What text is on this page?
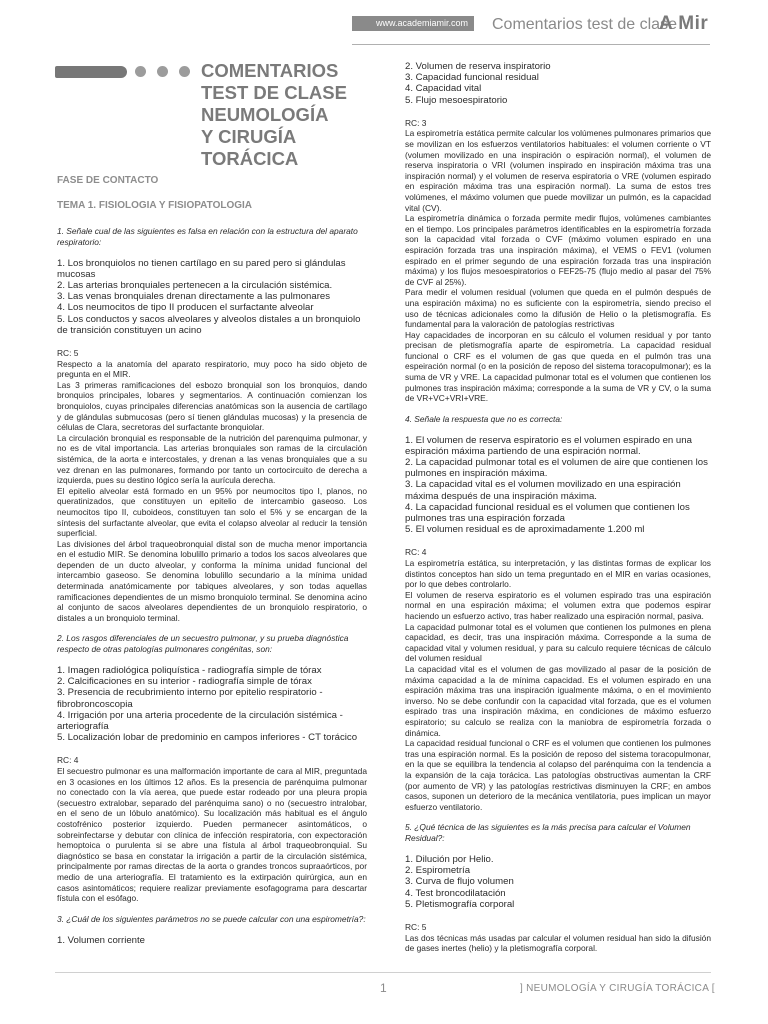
www.academiamir.com	Comentarios test de clase
A Mir
COMENTARIOS
TEST DE CLASE
NEUMOLOGÍA
Y CIRUGÍA
TORÁCICA

FASE DE CONTACTO

TEMA 1. FISIOLOGIA Y FISIOPATOLOGIA

1. Señale cual de las siguientes es falsa en relación con la estructura del aparato respiratorio:

1. Los bronquiolos no tienen cartílago en su pared pero si glándulas mucosas
2. Las arterias bronquiales pertenecen a la circulación sistémica.
3. Las venas bronquiales drenan directamente a las pulmonares
4. Los neumocitos de tipo II producen el surfactante alveolar
5. Los conductos y sacos alveolares y alveolos distales a un bronquiolo de transición constituyen un acino

RC: 5

Respecto a la anatomía del aparato respiratorio, muy poco ha sido objeto de pregunta en el MIR.

Las 3 primeras ramificaciones del esbozo bronquial son los bronquios, dando bronquios principales, lobares y segmentarios. A continuación comienzan los bronquiolos, cuyas principales diferencias anatómicas son la ausencia de cartílago y de glándulas submucosas (pero sí tienen glándulas mucosas) y la presencia de células de Clara, secretoras del surfactante bronquiolar.

La circulación bronquial es responsable de la nutrición del parenquima pulmonar, y no es de vital importancia. Las arterias bronquiales son ramas de la circulación sistémica, de la aorta e intercostales, y drenan a las venas bronquiales que a su vez drenan en las pulmonares, formando por tanto un cortocircuito de derecha a izquierda, pues su destino lógico sería la aurícula derecha.

El epitelio alveolar está formado en un 95% por neumocitos tipo I, planos, no queratinizados, que constituyen un epitelio de intercambio gaseoso. Los neumocitos tipo II, cuboideos, constituyen tan solo el 5% y se encargan de la síntesis del surfactante alveolar, que evita el colapso alveolar al reducir la tensión superficial.

Las divisiones del árbol traqueobronquial distal son de mucha menor importancia en el estudio MIR. Se denomina lobulillo primario a todos los sacos alveolares que dependen de un ducto alveolar, y conforma la mínima unidad funcional del intercambio gaseoso. Se denomina lobulillo secundario a la mínima unidad determinada anatómicamente por tabiques alveolares, y son todas aquellas ramificaciones dependientes de un mismo bronquiolo terminal. Se denomina acino al conjunto de sacos alveolares dependientes de un bronquiolo respiratorio, o distales a un bronquiolo terminal.

2. Los rasgos diferenciales de un secuestro pulmonar, y su prueba diagnóstica respecto de otras patologías pulmonares congénitas, son:

1. Imagen radiológica poliquística - radiografía simple de tórax
2. Calcificaciones en su interior - radiografía simple de tórax
3. Presencia de recubrimiento interno por epitelio respiratorio - fibrobroncoscopia
4. Irrigación por una arteria procedente de la circulación sistémica - arteriografía
5. Localización lobar de predominio en campos inferiores - CT torácico

RC: 4

El secuestro pulmonar es una malformación importante de cara al MIR, preguntada en 3 ocasiones en los últimos 12 años. Es la presencia de parénquima pulmonar no conectado con la vía aerea, que puede estar rodeado por una pleura propia (secuestro extralobar, separado del parénquima sano) o no (secuestro intralobar, en el seno de un lóbulo anatómico). Su localización más habitual es el ángulo costofrénico posterior izquierdo. Pueden permanecer asintomáticos, o sobreinfectarse y debutar con clínica de infección respiratoria, con expectoración hemoptoica o purulenta si se abre una fístula al árbol traqueobronquial. Su diagnóstico se basa en constatar la irrigación a partir de la circulación sistémica, principalmente por ramas directas de la aorta o grandes troncos supraaórticos, por medio de una arteriografía. El tratamiento es la extirpación quirúrgica, aun en casos asintomáticos; requiere realizar previamente esofagograma para descartar fístula con el esófago.

3. ¿Cuál de los siguientes parámetros no se puede calcular con una espirometría?:

1. Volumen corriente
2. Volumen de reserva inspiratorio
3. Capacidad funcional residual
4. Capacidad vital
5. Flujo mesoespiratorio

RC: 3

La espirometría estática permite calcular los volúmenes pulmonares primarios que se movilizan en los esfuerzos ventilatorios habituales: el volumen corriente o VT (volumen movilizado en una inspiración o espiración normal), el volumen de reserva inspiratoria o VRI (volumen inspirado en inspiración máxima tras una inspiración normal) y el volumen de reserva espiratoria o VRE (volumen espirado en espiración máxima tras una espiración normal). La suma de estos tres volúmenes, el máximo volumen que puede movilizar un pulmón, es la capacidad vital (CV).

La espirometría dinámica o forzada permite medir flujos, volúmenes cambiantes en el tiempo. Los principales parámetros identificables en la espirometría forzada son la capacidad vital forzada o CVF (máximo volumen espirado en una espiración forzada tras una inspiración máxima), el VEMS o FEV1 (volumen espirado en el primer segundo de una espiración forzada tras una inspiración máxima) y los flujos mesoespiratorios o FEF25-75 (flujo medio al pasar del 75% de CVF al 25%).

Para medir el volumen residual (volumen que queda en el pulmón después de una espiración máxima) no es suficiente con la espirometría, siendo preciso el uso de técnicas adicionales como la difusión de Helio o la pletismografía. Es fundamental para la valoración de patologías restrictivas

Hay capacidades de incorporan en su cálculo el volumen residual y por tanto precisan de pletismografía aparte de espirometría. La capacidad residual funcional o CRF es el volumen de gas que queda en el pulmón tras una espeiración normal (o en la posición de reposo del sistema toracopulmonar); es la suma de VR y VRE. La capacidad pulmonar total es el volumen que contienen los pulmones tras inspiración máxima; corresponde a la suma de VR y CV, o la suma de VR+VC+VRI+VRE.

4. Señale la respuesta que no es correcta:

1. El volumen de reserva espiratorio es el volumen espirado en una espiración máxima partiendo de una espiración normal.
2. La capacidad pulmonar total es el volumen de aire que contienen los pulmones en inspiración máxima.
3. La capacidad vital es el volumen movilizado en una espiración máxima después de una inspiración máxima.
4. La capacidad funcional residual es el volumen que contienen los pulmones tras una espiración forzada
5. El volumen residual es de aproximadamente 1.200 ml

RC: 4

La espirometría estática, su interpretación, y las distintas formas de explicar los distintos conceptos han sido un tema preguntado en el MIR en varias ocasiones, por lo que debes controlarlo.

El volumen de reserva espiratorio es el volumen espirado tras una espiración normal en una espiración máxima; el volumen extra que podemos espirar haciendo un esfuerzo activo, tras haber realizado una espiración normal, pasiva.

La capacidad pulmonar total es el volumen que contienen los pulmones en plena capacidad, es decir, tras una inspiración máxima. Corresponde a la suma de capacidad vital y volumen residual, y para su calculo requiere técnicas de cálculo del volumen residual

La capacidad vital es el volumen de gas movilizado al pasar de la posición de máxima capacidad a la de mínima capacidad. Es el volumen espirado en una espiración máxima tras una inspiración igualmente máxima, o en el movimiento inverso. No se debe confundir con la capacidad vital forzada, que es el volumen espirado tras una inspiración máxima, en condiciones de máximo esfuerzo espiratorio; su calculo se realiza con la maniobra de espirometría forzada o dinámica.

La capacidad residual funcional o CRF es el volumen que contienen los pulmones tras una espiración normal. Es la posición de reposo del sistema toracopulmonar, en la que se equilibra la tendencia al colapso del parénquima con la tendencia a la expansión de la caja torácica. Las patologías obstructivas aumentan la CRF (por aumento de VR) y las patologías restrictivas disminuyen la CRF; en ambos casos, suponen un deterioro de la mecánica ventilatoria, pues implican un mayor esfuerzo ventilatorio.

5. ¿Qué técnica de las siguientes es la más precisa para calcular el Volumen Residual?:

1. Dilución por Helio.
2. Espirometría
3. Curva de flujo volumen
4. Test broncodilatación
5. Pletismografía corporal

RC: 5

Las dos técnicas más usadas par calcular el volumen residual han sido la difusión de gases inertes (helio) y la pletismografía corporal.

1	] NEUMOLOGÍA Y CIRUGÍA TORÁCICA [
